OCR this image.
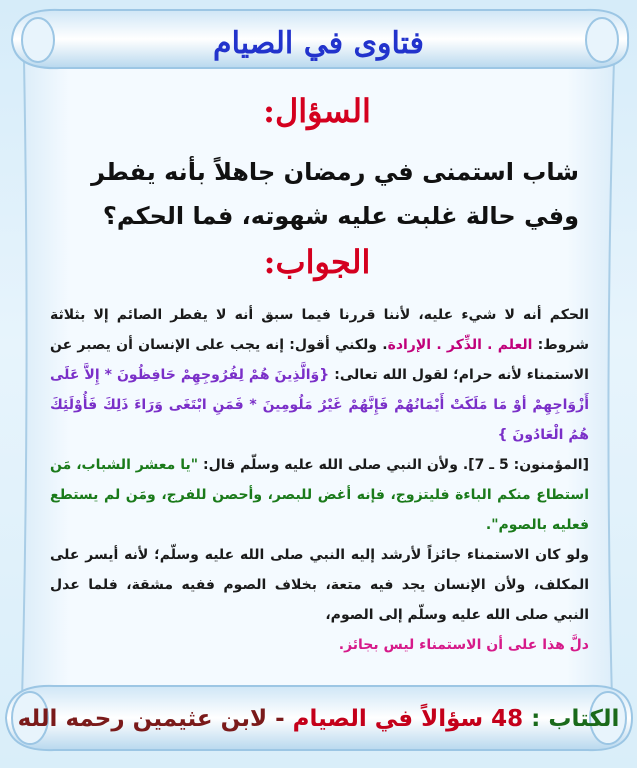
فتاوى في الصيام
السؤال:
شاب استمنى في رمضان جاهلاً بأنه يفطر وفي حالة غلبت عليه شهوته، فما الحكم؟
الجواب:
الحكم أنه لا شيء عليه، لأننا قررنا فيما سبق أنه لا يفطر الصائم إلا بثلاثة شروط: العلم . الذِّكر . الإرادة. ولكني أقول: إنه يجب على الإنسان أن يصبر عن الاستمناء لأنه حرام؛ لقول الله تعالى: {وَالَّذِينَ هُمْ لِفُرُوجِهِمْ حَافِظُونَ * إِلاَّ عَلَى أَزْوَاجِهِمْ أوْ مَا مَلَكَتْ أَيْمَانُهُمْ فَإِنَّهُمْ غَيْرُ مَلُومِينَ * فَمَنِ ابْتَغَى وَرَاءَ ذَلِكَ فَأُوْلَئِكَ هُمُ الْعَادُونَ }
[المؤمنون: 5 ـ 7]. ولأن النبي صلى الله عليه وسلّم قال: "يا معشر الشباب، مَن استطاع منكم الباءة فليتزوج، فإنه أغض للبصر، وأحصن للفرج، ومَن لم يستطع فعليه بالصوم".
ولو كان الاستمناء جائزاً لأرشد إليه النبي صلى الله عليه وسلّم؛ لأنه أيسر على المكلف، ولأن الإنسان يجد فيه متعة، بخلاف الصوم ففيه مشقة، فلما عدل النبي صلى الله عليه وسلّم إلى الصوم،
دلَّ هذا على أن الاستمناء ليس بجائز.
الكتاب : 48 سؤالاً في الصيام - لابن عثيمين رحمه الله
